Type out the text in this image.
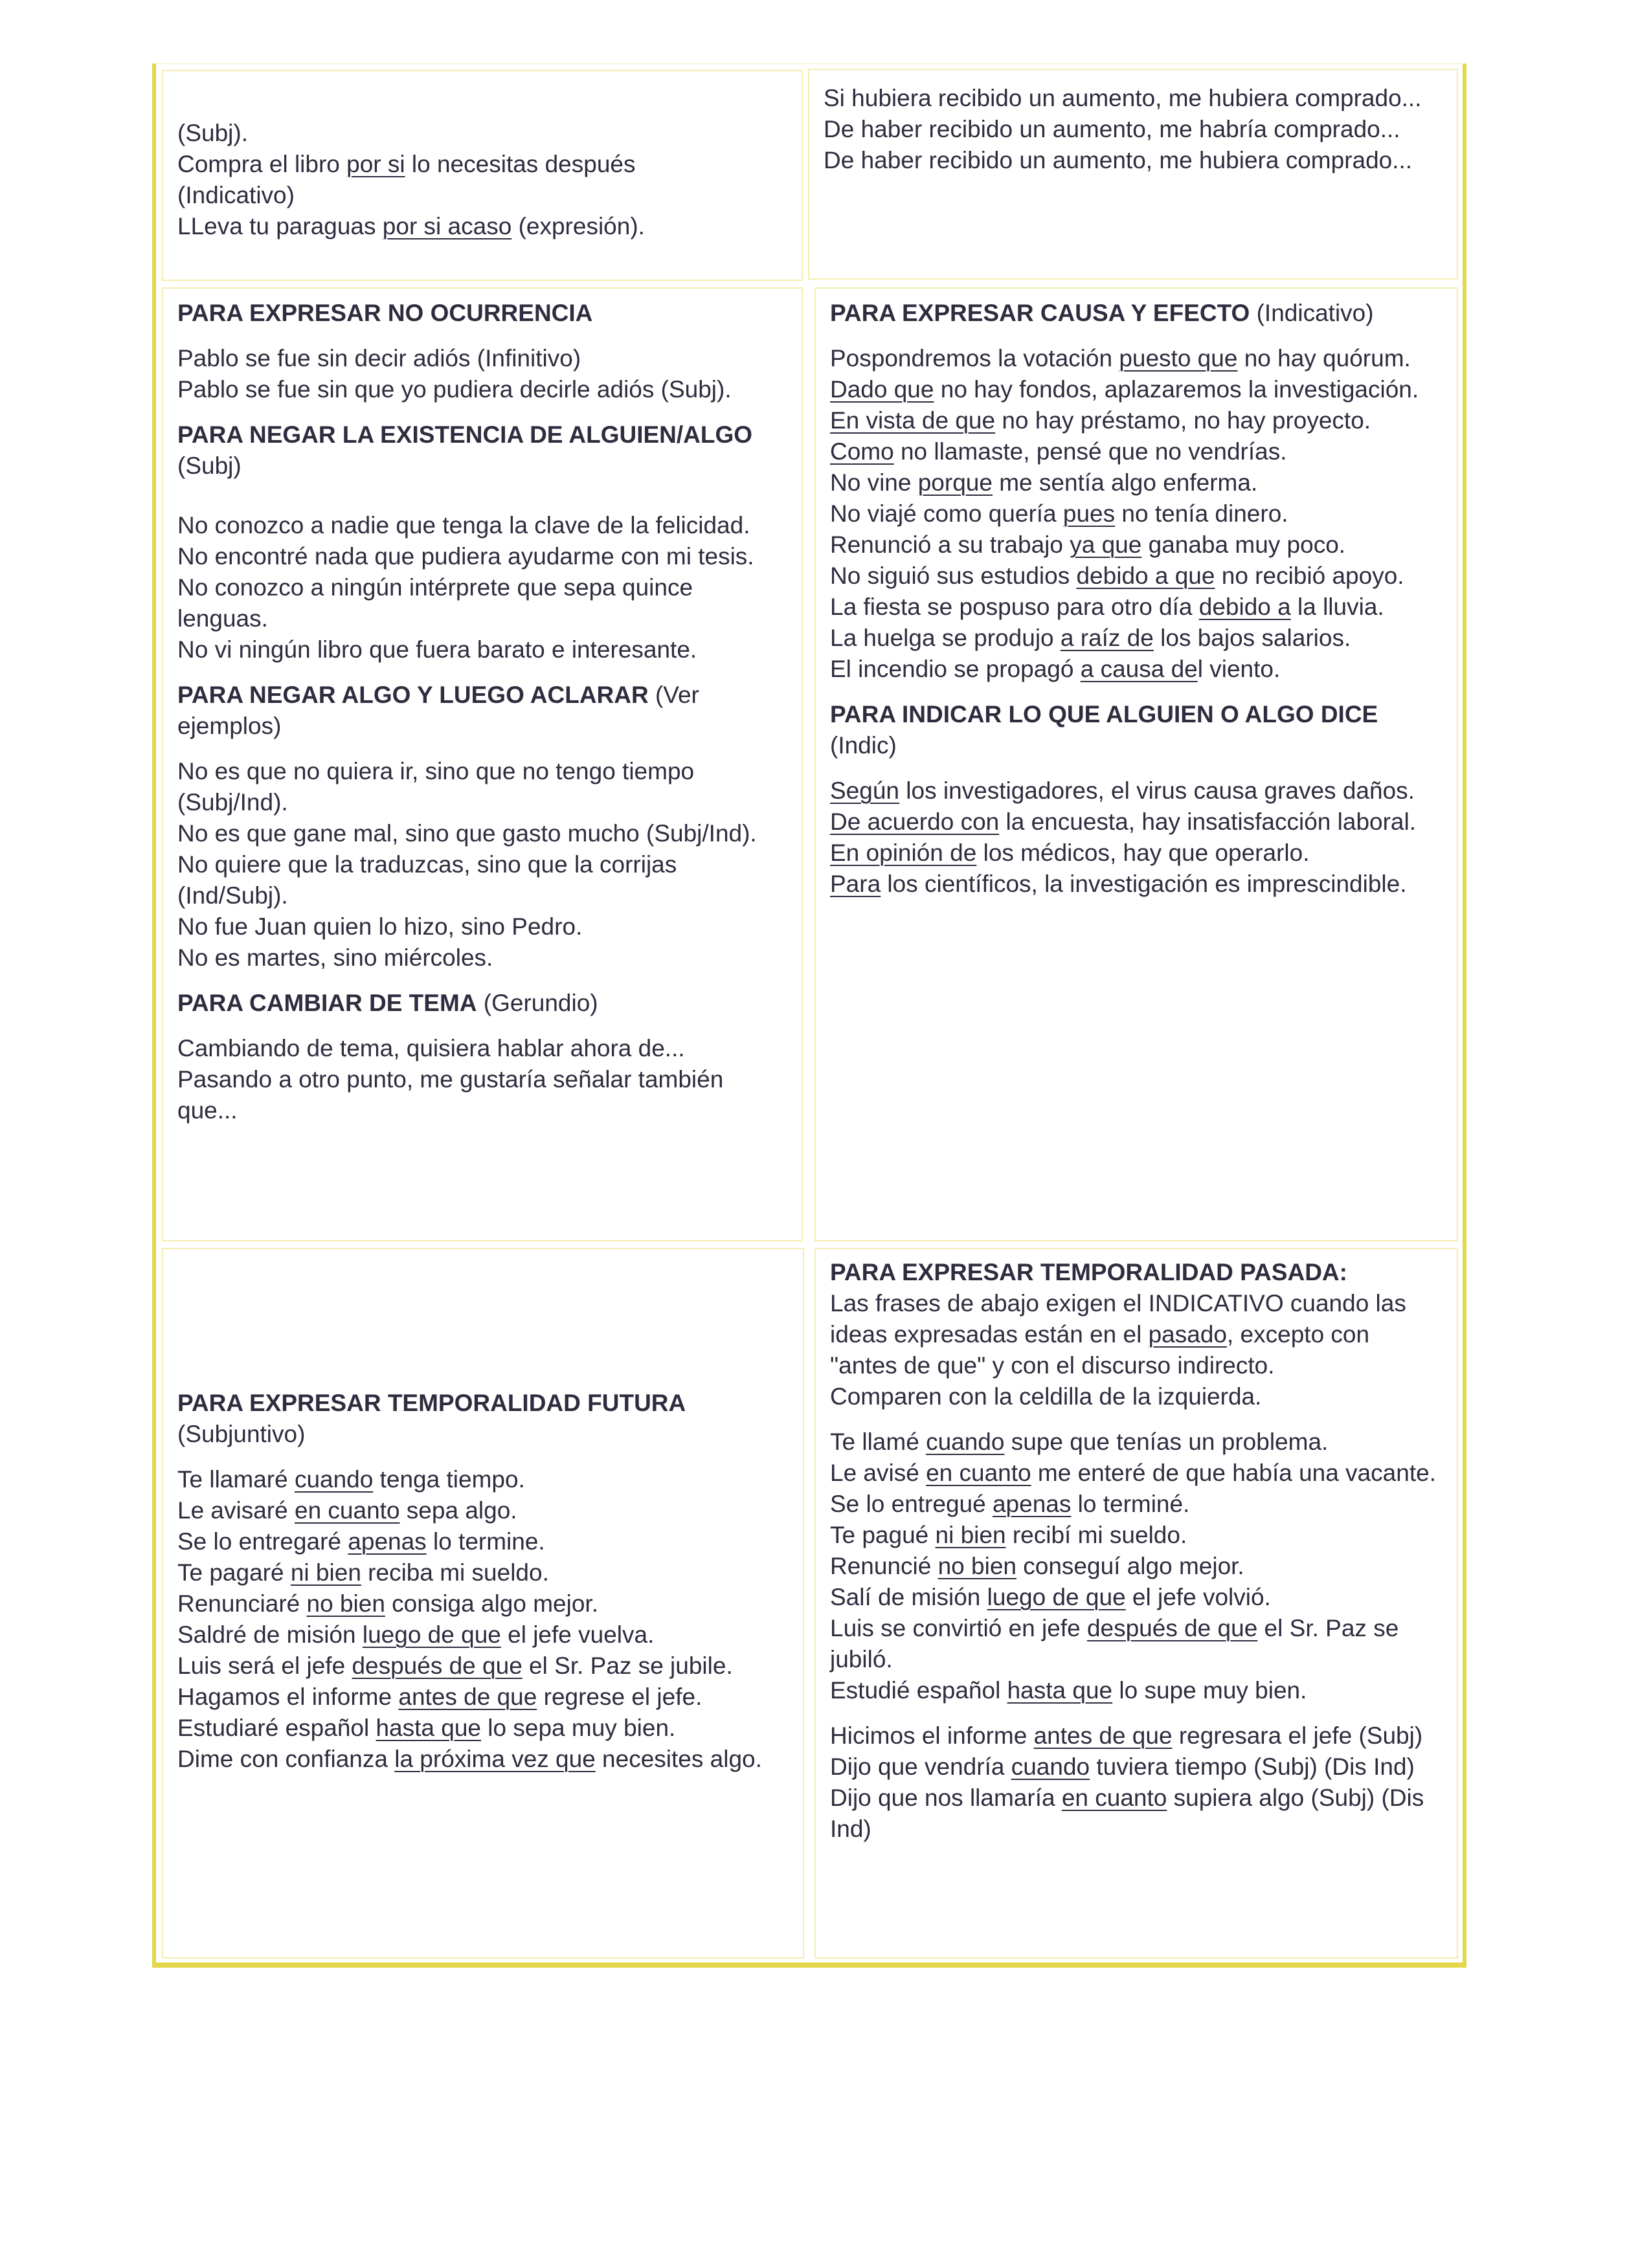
(Subj).

Compra el libro por si lo necesitas después

(Indicativo)

LLeva tu paraguas por si acaso (expresión).

Si hubiera recibido un aumento, me hubiera comprado...

De haber recibido un aumento, me habría comprado...

De haber recibido un aumento, me hubiera comprado...

PARA EXPRESAR NO OCURRENCIA

Pablo se fue sin decir adiós (Infinitivo)

Pablo se fue sin que yo pudiera decirle adiós (Subj).

PARA NEGAR LA EXISTENCIA DE ALGUIEN/ALGO (Subj)

No conozco a nadie que tenga la clave de la felicidad.

No encontré nada que pudiera ayudarme con mi tesis.

No conozco a ningún intérprete que sepa quince lenguas.

No vi ningún libro que fuera barato e interesante.

PARA NEGAR ALGO Y LUEGO ACLARAR (Ver ejemplos)

No es que no quiera ir, sino que no tengo tiempo (Subj/Ind).

No es que gane mal, sino que gasto mucho (Subj/Ind).

No quiere que la traduzcas, sino que la corrijas (Ind/Subj).

No fue Juan quien lo hizo, sino Pedro.

No es martes, sino miércoles.

PARA CAMBIAR DE TEMA (Gerundio)

Cambiando de tema, quisiera hablar ahora de...

Pasando a otro punto, me gustaría señalar también que...

PARA EXPRESAR CAUSA Y EFECTO (Indicativo)

Pospondremos la votación puesto que no hay quórum.

Dado que no hay fondos, aplazaremos la investigación.

En vista de que no hay préstamo, no hay proyecto.

Como no llamaste, pensé que no vendrías.

No vine porque me sentía algo enferma.

No viajé como quería pues no tenía dinero.

Renunció a su trabajo ya que ganaba muy poco.

No siguió sus estudios debido a que no recibió apoyo.

La fiesta se pospuso para otro día debido a la lluvia.

La huelga se produjo a raíz de los bajos salarios.

El incendio se propagó a causa del viento.

PARA INDICAR LO QUE ALGUIEN O ALGO DICE (Indic)

Según los investigadores, el virus causa graves daños.

De acuerdo con la encuesta, hay insatisfacción laboral.

En opinión de los médicos, hay que operarlo.

Para los científicos, la investigación es imprescindible.

PARA EXPRESAR TEMPORALIDAD FUTURA

(Subjuntivo)

Te llamaré cuando tenga tiempo.

Le avisaré en cuanto sepa algo.

Se lo entregaré apenas lo termine.

Te pagaré ni bien reciba mi sueldo.

Renunciaré no bien consiga algo mejor.

Saldré de misión luego de que el jefe vuelva.

Luis será el jefe después de que el Sr. Paz se jubile.

Hagamos el informe antes de que regrese el jefe.

Estudiaré español hasta que lo sepa muy bien.

Dime con confianza la próxima vez que necesites algo.

PARA EXPRESAR TEMPORALIDAD PASADA:

Las frases de abajo exigen el INDICATIVO cuando las ideas expresadas están en el pasado, excepto con "antes de que" y con el discurso indirecto.

Comparen con la celdilla de la izquierda.

Te llamé cuando supe que tenías un problema.

Le avisé en cuanto me enteré de que había una vacante.

Se lo entregué apenas lo terminé.

Te pagué ni bien recibí mi sueldo.

Renuncié no bien conseguí algo mejor.

Salí de misión luego de que el jefe volvió.

Luis se convirtió en jefe después de que el Sr. Paz se jubiló.

Estudié español hasta que lo supe muy bien.

Hicimos el informe antes de que regresara el jefe (Subj)

Dijo que vendría cuando tuviera tiempo (Subj) (Dis Ind)

Dijo que nos llamaría en cuanto supiera algo (Subj) (Dis Ind)
